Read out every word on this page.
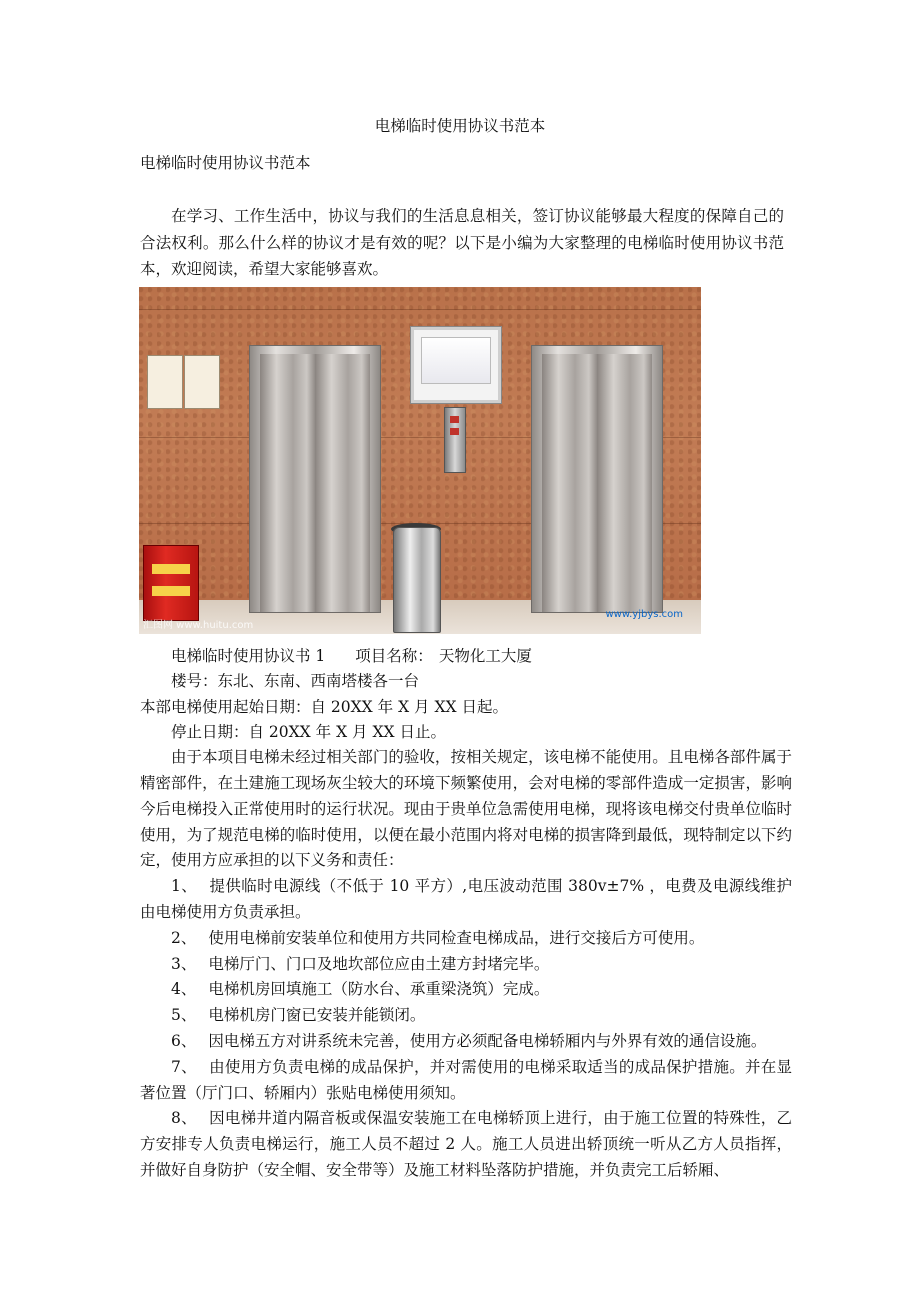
电梯临时使用协议书范本
电梯临时使用协议书范本

在学习、工作生活中，协议与我们的生活息息相关，签订协议能够最大程度的保障自己的合法权利。那么什么样的协议才是有效的呢？以下是小编为大家整理的电梯临时使用协议书范本，欢迎阅读，希望大家能够喜欢。

汇图网 www.huitu.com
www.yjbys.com
电梯临时使用协议书 1 项目名称： 天物化工大厦
楼号：东北、东南、西南塔楼各一台
本部电梯使用起始日期：自 20XX 年 X 月 XX 日起。
停止日期：自 20XX 年 X 月 XX 日止。

由于本项目电梯未经过相关部门的验收，按相关规定，该电梯不能使用。且电梯各部件属于精密部件，在土建施工现场灰尘较大的环境下频繁使用，会对电梯的零部件造成一定损害，影响今后电梯投入正常使用时的运行状况。现由于贵单位急需使用电梯，现将该电梯交付贵单位临时使用，为了规范电梯的临时使用，以便在最小范围内将对电梯的损害降到最低，现特制定以下约定，使用方应承担的以下义务和责任：

1、 提供临时电源线（不低于 10 平方）,电压波动范围 380v±7% ，电费及电源线维护由电梯使用方负责承担。

2、 使用电梯前安装单位和使用方共同检查电梯成品，进行交接后方可使用。

3、 电梯厅门、门口及地坎部位应由土建方封堵完毕。

4、 电梯机房回填施工（防水台、承重梁浇筑）完成。

5、 电梯机房门窗已安装并能锁闭。

6、 因电梯五方对讲系统未完善，使用方必须配备电梯轿厢内与外界有效的通信设施。

7、 由使用方负责电梯的成品保护，并对需使用的电梯采取适当的成品保护措施。并在显著位置（厅门口、轿厢内）张贴电梯使用须知。

8、 因电梯井道内隔音板或保温安装施工在电梯轿顶上进行，由于施工位置的特殊性，乙方安排专人负责电梯运行，施工人员不超过 2 人。施工人员进出轿顶统一听从乙方人员指挥，并做好自身防护（安全帽、安全带等）及施工材料坠落防护措施，并负责完工后轿厢、
